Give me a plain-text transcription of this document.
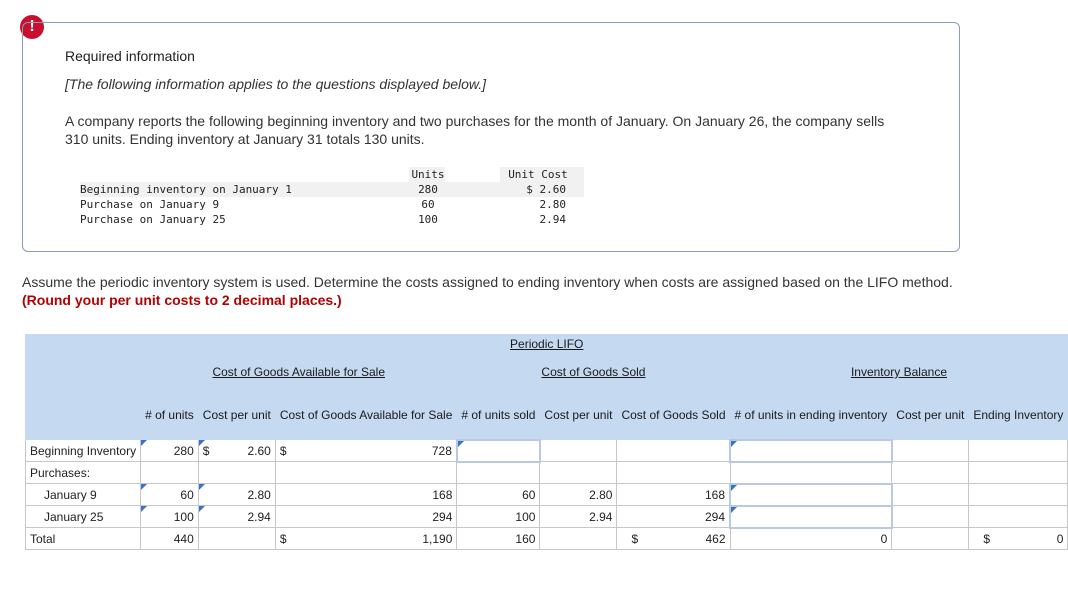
!
Required information
[The following information applies to the questions displayed below.]
A company reports the following beginning inventory and two purchases for the month of January. On January 26, the company sells 310 units. Ending inventory at January 31 totals 130 units.
Units	Unit Cost
Beginning inventory on January 1	280	$ 2.60
Purchase on January 9	60	2.80
Purchase on January 25	100	2.94
Assume the periodic inventory system is used. Determine the costs assigned to ending inventory when costs are assigned based on the LIFO method. (Round your per unit costs to 2 decimal places.)
Periodic LIFO									
	Cost of Goods Available for Sale			Cost of Goods Sold			Inventory Balance		
	# of units	Cost per unit	Cost of Goods Available for Sale	# of units sold	Cost per unit	Cost of Goods Sold	# of units in ending inventory	Cost per unit	Ending Inventory
Beginning Inventory	280	$ 2.60	$ 728						

Purchases:									
January 9	60	2.80	168	60	2.80	168			
January 25	100	2.94	294	100	2.94	294			
Total	440		$ 1,190	160		$ 462	0		$ 0
